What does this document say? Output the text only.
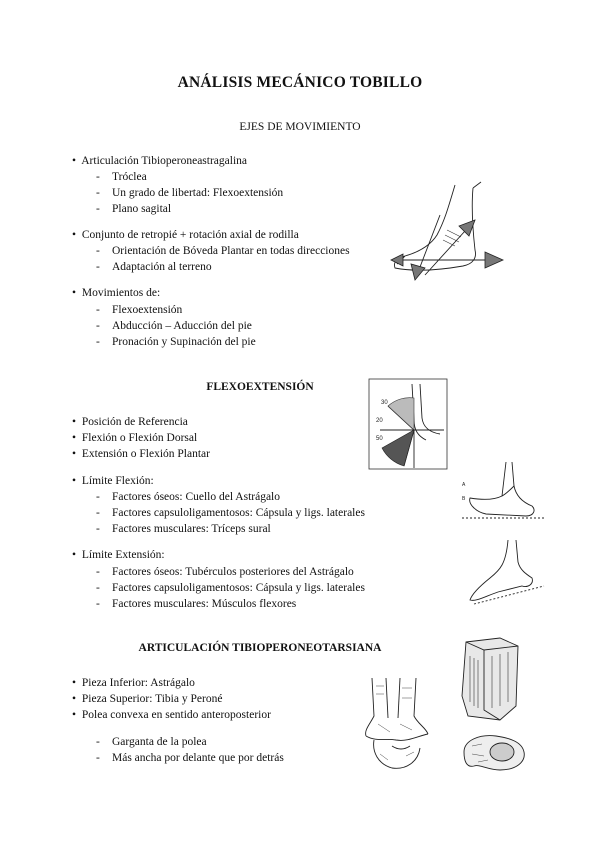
ANÁLISIS MECÁNICO TOBILLO
EJES DE MOVIMIENTO
• Articulación Tibioperoneastragalina
-Tróclea
-Un grado de libertad: Flexoextensión
-Plano sagital
• Conjunto de retropié + rotación axial de rodilla
-Orientación de Bóveda Plantar en todas direcciones
-Adaptación al terreno
• Movimientos de:
-Flexoextensión
-Abducción – Aducción del pie
-Pronación y Supinación del pie
FLEXOEXTENSIÓN
• Posición de Referencia
• Flexión o Flexión Dorsal
• Extensión o Flexión Plantar
• Límite Flexión:
-Factores óseos: Cuello del Astrágalo
-Factores capsuloligamentosos: Cápsula y ligs. laterales
-Factores musculares: Tríceps sural
• Límite Extensión:
-Factores óseos: Tubérculos posteriores del Astrágalo
-Factores capsuloligamentosos: Cápsula y ligs. laterales
-Factores musculares: Músculos flexores
30
50
20
A
B
ARTICULACIÓN TIBIOPERONEOTARSIANA
• Pieza Inferior: Astrágalo
• Pieza Superior: Tibia y Peroné
• Polea convexa en sentido anteroposterior
-Garganta de la polea
-Más ancha por delante que por detrás
